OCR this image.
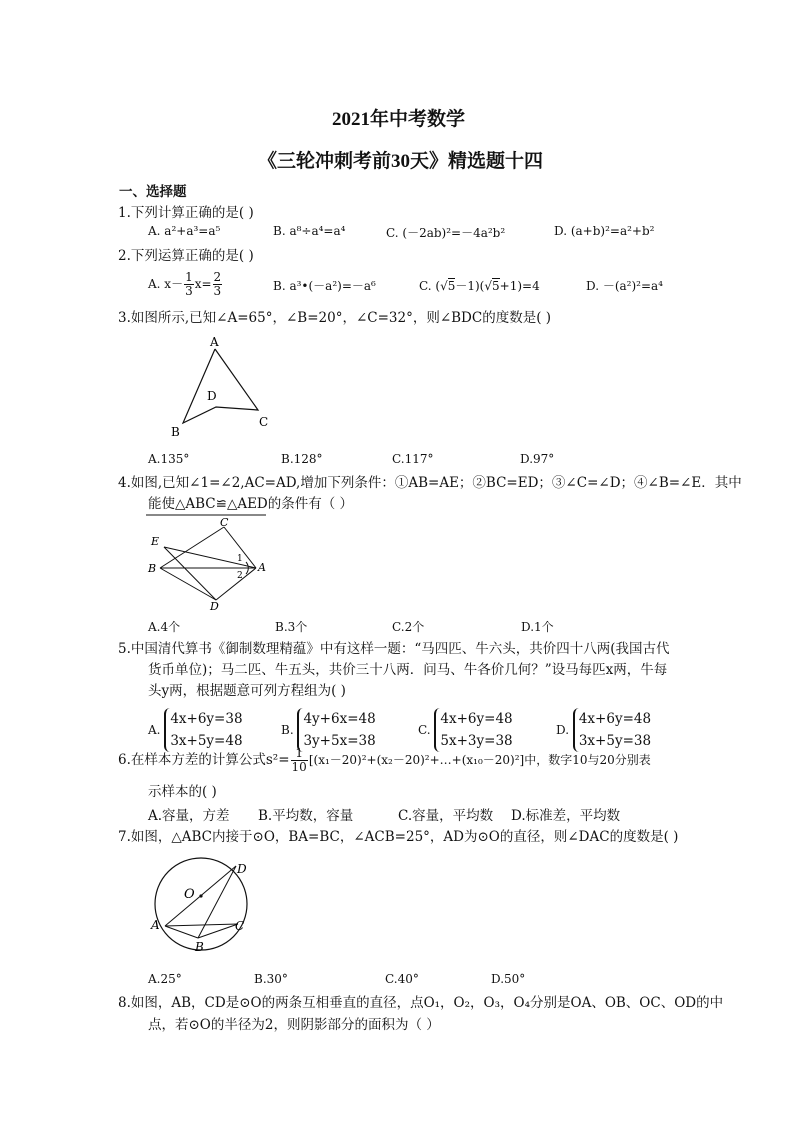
2021年中考数学
《三轮冲刺考前30天》精选题十四
一、选择题
1.下列计算正确的是( )
A. a²+a³=a⁵	B. a⁸÷a⁴=a⁴	C. (－2ab)²=－4a²b²	D. (a+b)²=a²+b²
2.下列运算正确的是( )
A. $x- \frac{1}{3} x= \frac{2}{3}$	B. a³•(－a²)=－a⁶	C. (√5－1)(√5+1)=4	D. －(a²)²=a⁴
3.如图所示,已知∠A=65°，∠B=20°，∠C=32°，则∠BDC的度数是( )
A
B
C
D
A.135°	B.128°	C.117°	D.97°
4.如图,已知∠1=∠2,AC=AD,增加下列条件：①AB=AE；②BC=ED；③∠C=∠D；④∠B=∠E．其中
能使△ABC≌△AED的条件有（ ）
C
E
B	A
D
1
2
A.4个	B.3个	C.2个	D.1个
5.中国清代算书《御制数理精蕴》中有这样一题：“马四匹、牛六头，共价四十八两(我国古代
货币单位)；马二匹、牛五头，共价三十八两．问马、牛各价几何？”设马每匹x两，牛每
头y两，根据题意可列方程组为( )
A.
4x+6y=38
3x+5y=48
B.
4y+6x=48
3y+5x=38
C.
4x+6y=48
5x+3y=38
D.
4x+6y=48
3x+5y=38
6.在样本方差的计算公式$s^2= \frac{1}{10}$ [(x₁－20)²+(x₂－20)²+…+(x₁₀－20)²]中，数字10与20分别表
示样本的( )
A.容量，方差 B.平均数，容量	C.容量，平均数 D.标准差，平均数
7.如图，△ABC内接于⊙O，BA=BC，∠ACB=25°，AD为⊙O的直径，则∠DAC的度数是( )
O
D
A	C
B
A.25°	B.30°	C.40°	D.50°
8.如图，AB，CD是⊙O的两条互相垂直的直径，点O₁，O₂，O₃，O₄分别是OA、OB、OC、OD的中
点，若⊙O的半径为2，则阴影部分的面积为（ ）
